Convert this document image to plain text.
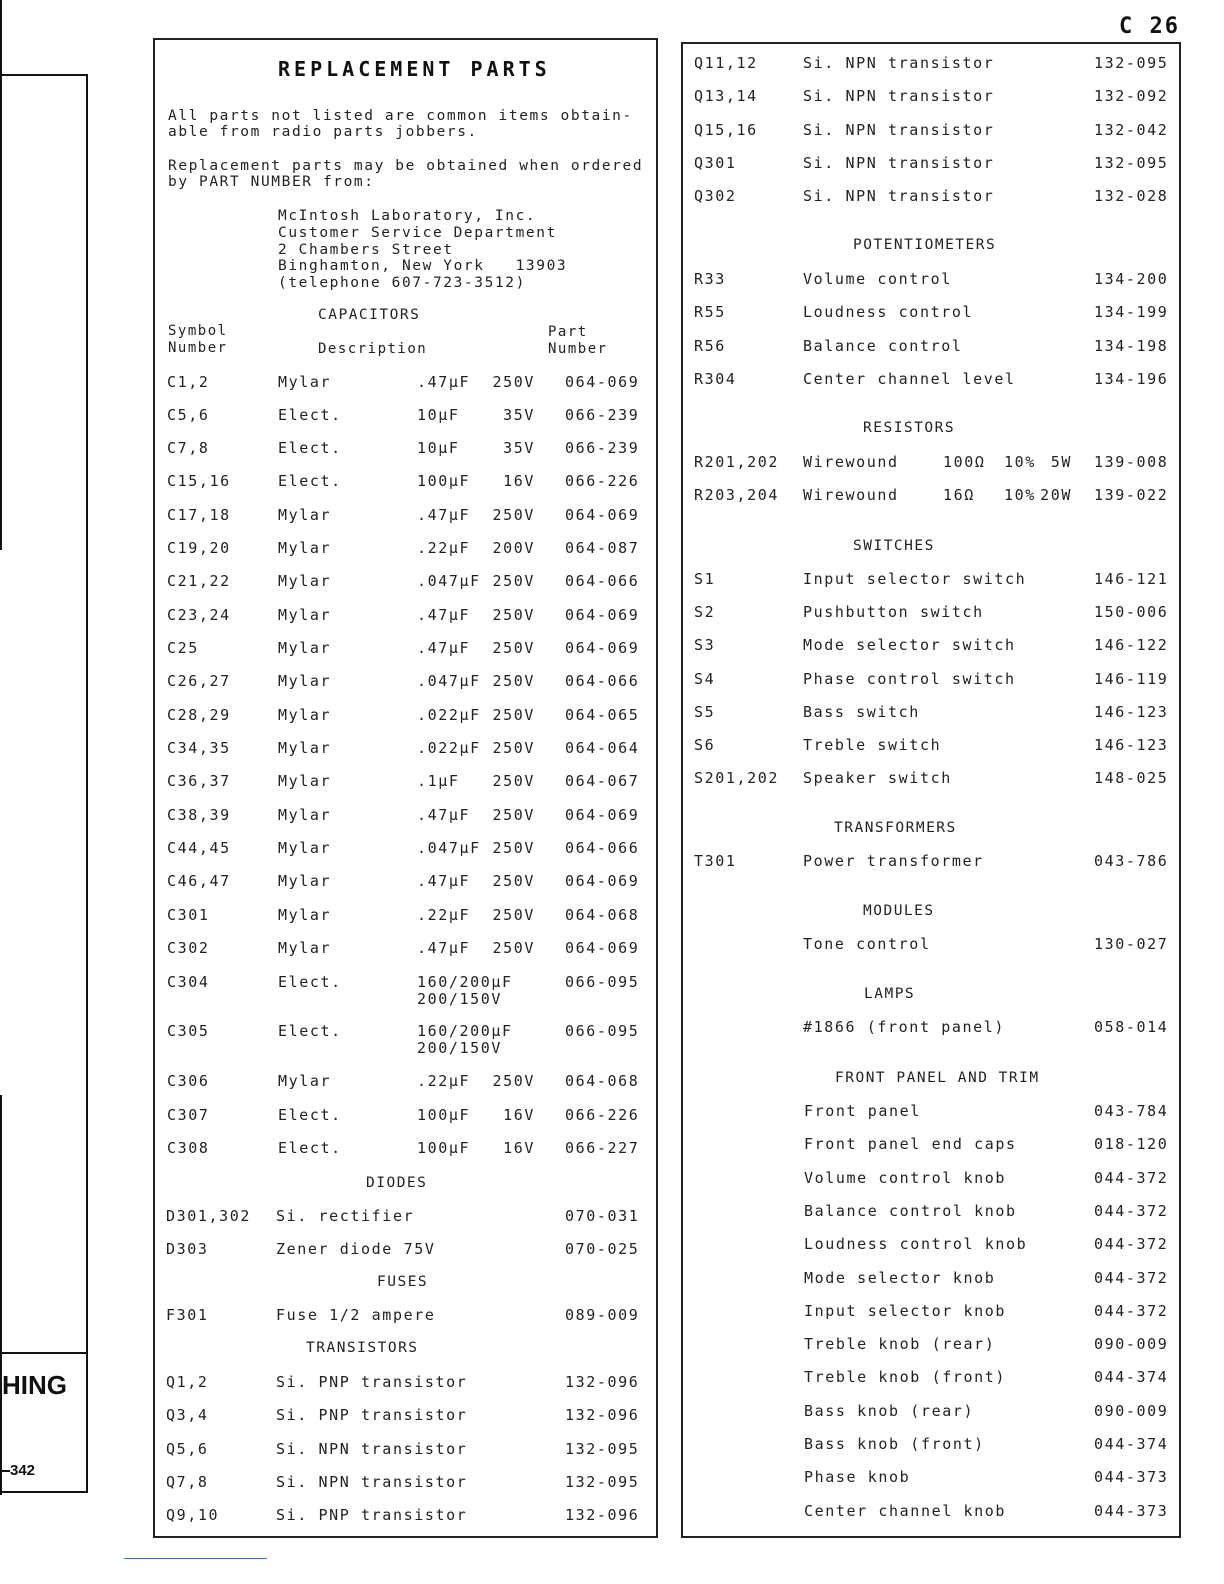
HING
342
C 26
REPLACEMENT PARTS
All parts not listed are common items obtain-
able from radio parts jobbers.
Replacement parts may be obtained when ordered
by PART NUMBER from:
McIntosh Laboratory, Inc.
Customer Service Department
2 Chambers Street
Binghamton, New York   13903
(telephone 607-723-3512)
CAPACITORS
Symbol
Number	Description
Part
Number
C1,2	Mylar	.47µF 250V 064-069
C5,6	Elect.	10µF	35V 066-239
C7,8	Elect.	10µF	35V 066-239
C15,16	Elect.	100µF 16V 066-226
C17,18	Mylar	.47µF 250V 064-069
C19,20	Mylar	.22µF 200V 064-087
C21,22	Mylar	.047µF 250V 064-066
C23,24	Mylar	.47µF 250V 064-069
C25	Mylar	.47µF 250V 064-069
C26,27	Mylar	.047µF 250V 064-066
C28,29	Mylar	.022µF 250V 064-065
C34,35	Mylar	.022µF 250V 064-064
C36,37	Mylar	.1µF 250V 064-067
C38,39	Mylar	.47µF 250V 064-069
C44,45	Mylar	.047µF 250V 064-066
C46,47	Mylar	.47µF 250V 064-069
C301	Mylar	.22µF 250V 064-068
C302	Mylar	.47µF 250V 064-069
C304	Elect.	160/200µF
200/150V
066-095
C305	Elect.	160/200µF
200/150V
066-095
C306	Mylar	.22µF 250V 064-068
C307	Elect.	100µF 16V 066-226
C308	Elect.	100µF 16V 066-227
DIODES
D301,302 Si. rectifier	070-031
D303	Zener diode 75V	070-025
FUSES
F301	Fuse 1/2 ampere	089-009
TRANSISTORS
Q1,2	Si. PNP transistor	132-096
Q3,4	Si. PNP transistor	132-096
Q5,6	Si. NPN transistor	132-095
Q7,8	Si. NPN transistor	132-095
Q9,10	Si. PNP transistor	132-096
Q11,12	Si. NPN transistor	132-095
Q13,14	Si. NPN transistor	132-092
Q15,16	Si. NPN transistor	132-042
Q301	Si. NPN transistor	132-095
Q302	Si. NPN transistor	132-028
POTENTIOMETERS
R33	Volume control	134-200
R55	Loudness control	134-199
R56	Balance control	134-198
R304	Center channel level	134-196
RESISTORS
R201,202 Wirewound	100Ω 10% 5W 139-008
R203,204 Wirewound	16Ω 10% 20W 139-022
SWITCHES
S1	Input selector switch	146-121
S2	Pushbutton switch	150-006
S3	Mode selector switch	146-122
S4	Phase control switch	146-119
S5	Bass switch	146-123
S6	Treble switch	146-123
S201,202 Speaker switch	148-025
TRANSFORMERS
T301	Power transformer	043-786
MODULES
Tone control	130-027
LAMPS
#1866 (front panel)	058-014
FRONT PANEL AND TRIM
Front panel	043-784
Front panel end caps	018-120
Volume control knob	044-372
Balance control knob	044-372
Loudness control knob	044-372
Mode selector knob	044-372
Input selector knob	044-372
Treble knob (rear)	090-009
Treble knob (front)	044-374
Bass knob (rear)	090-009
Bass knob (front)	044-374
Phase knob	044-373
Center channel knob	044-373
